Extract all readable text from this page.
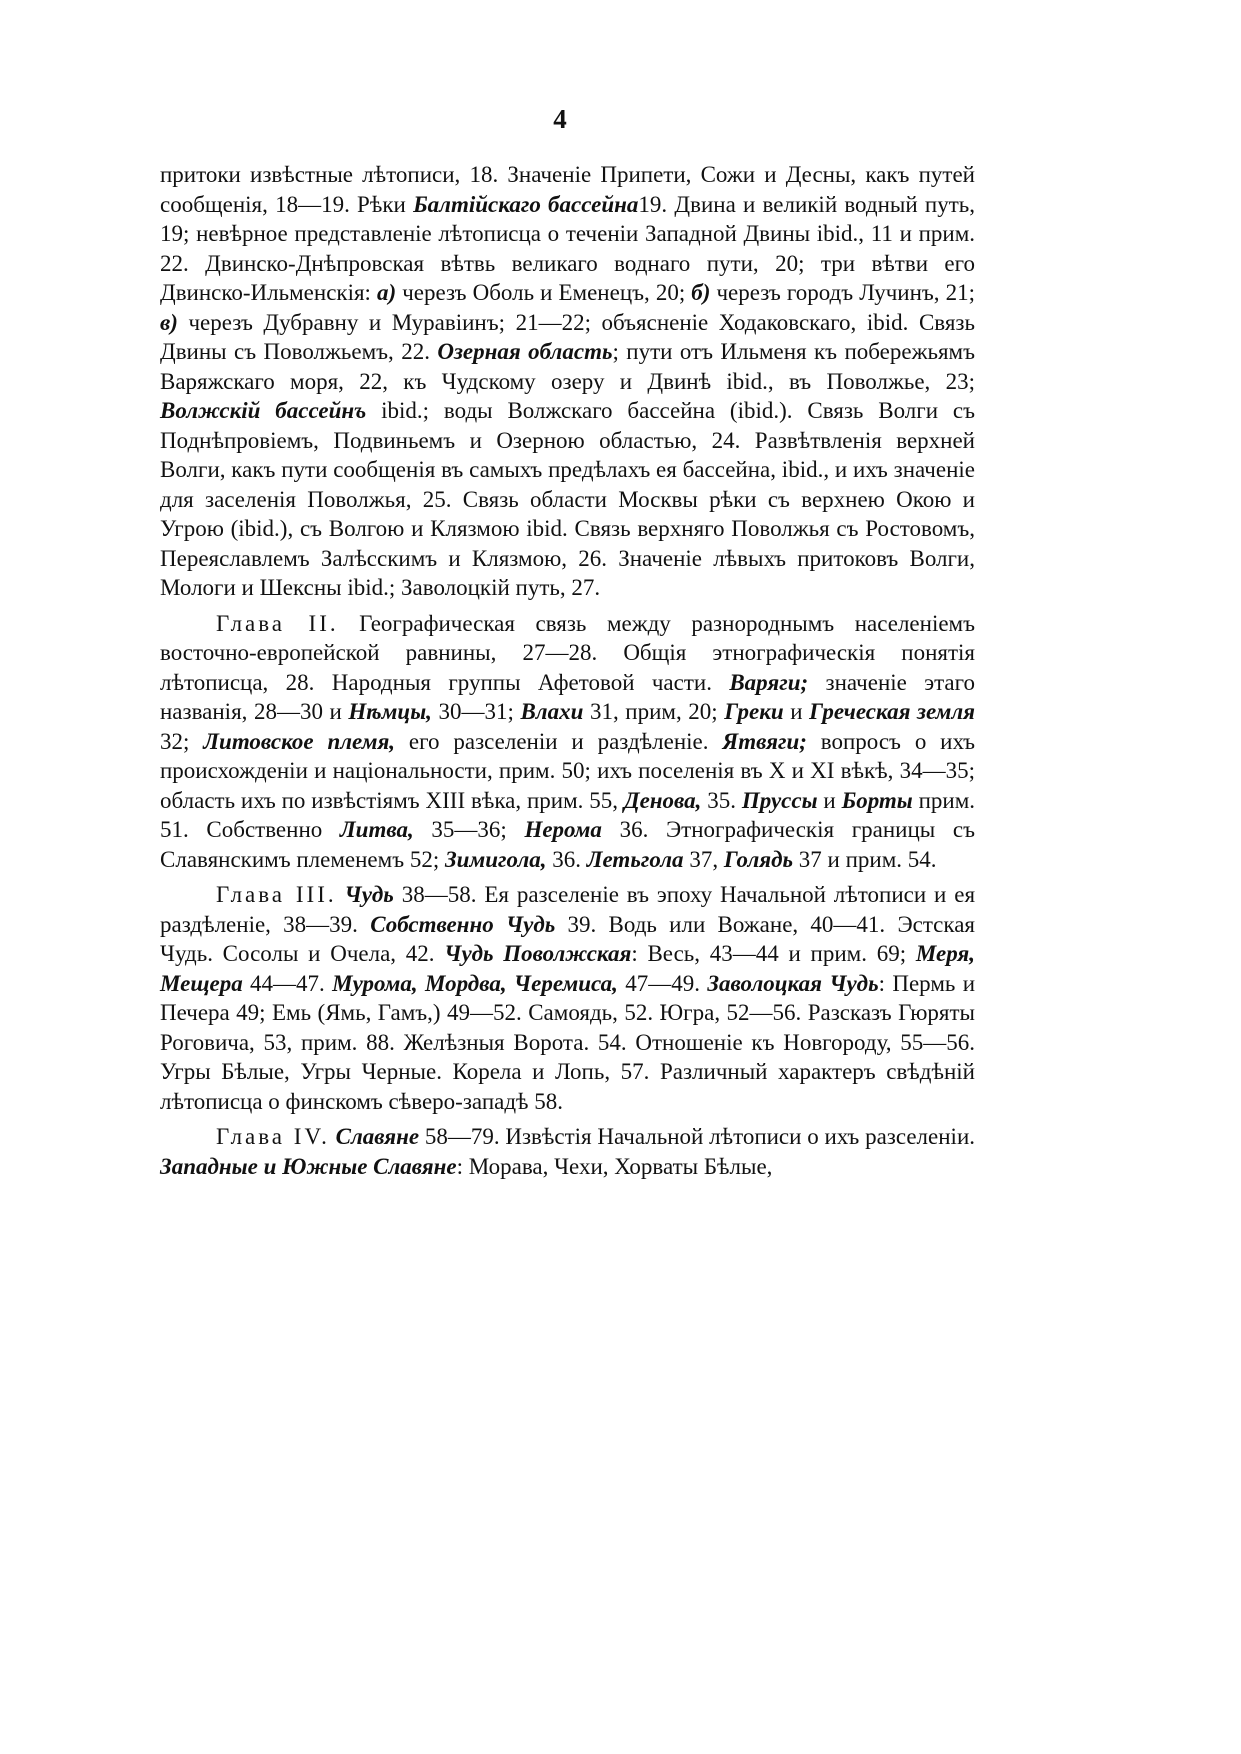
4

притоки извѣстные лѣтописи, 18. Значеніе Припети, Сожи и Десны, какъ путей сообщенія, 18—19. Рѣки Балтійскаго бассейна19. Двина и великій водный путь, 19; невѣрное представленіе лѣтописца о теченіи Западной Двины ibid., 11 и прим. 22. Двинско-Днѣпровская вѣтвь великаго воднаго пути, 20; три вѣтви его Двинско-Ильменскія: а) черезъ Оболь и Еменецъ, 20; б) черезъ городъ Лучинъ, 21; в) черезъ Дубравну и Муравіинъ; 21—22; объясненіе Ходаковскаго, ibid. Связь Двины съ Поволжьемъ, 22. Озерная область; пути отъ Ильменя къ побережьямъ Варяжскаго моря, 22, къ Чудскому озеру и Двинѣ ibid., въ Поволжье, 23; Волжскій бассейнъ ibid.; воды Волжскаго бассейна (ibid.). Связь Волги съ Поднѣпровіемъ, Подвиньемъ и Озерною областью, 24. Развѣтвленія верхней Волги, какъ пути сообщенія въ самыхъ предѣлахъ ея бассейна, ibid., и ихъ значеніе для заселенія Поволжья, 25. Связь области Москвы рѣки съ верхнею Окою и Угрою (ibid.), съ Волгою и Клязмою ibid. Связь верхняго Поволжья съ Ростовомъ, Переяславлемъ Залѣсскимъ и Клязмою, 26. Значеніе лѣвыхъ притоковъ Волги, Мологи и Шексны ibid.; Заволоцкій путь, 27.

Глава II. Географическая связь между разнороднымъ населеніемъ восточно-европейской равнины, 27—28. Общія этнографическія понятія лѣтописца, 28. Народныя группы Афетовой части. Варяги; значеніе этаго названія, 28—30 и Нѣмцы, 30—31; Влахи 31, прим, 20; Греки и Греческая земля 32; Литовское племя, его разселеніи и раздѣленіе. Ятвяги; вопросъ о ихъ происхожденіи и національности, прим. 50; ихъ поселенія въ X и XI вѣкѣ, 34—35; область ихъ по извѣстіямъ XIII вѣка, прим. 55, Денова, 35. Пруссы и Борты прим. 51. Собственно Литва, 35—36; Нерома 36. Этнографическія границы съ Славянскимъ племенемъ 52; Зимигола, 36. Летьгола 37, Голядь 37 и прим. 54.

Глава III. Чудь 38—58. Ея разселеніе въ эпоху Начальной лѣтописи и ея раздѣленіе, 38—39. Собственно Чудь 39. Водь или Вожане, 40—41. Эстская Чудь. Сосолы и Очела, 42. Чудь Поволжская: Весь, 43—44 и прим. 69; Меря, Мещера 44—47. Мурома, Мордва, Черемиса, 47—49. Заволоцкая Чудь: Пермь и Печера 49; Емь (Ямь, Гамъ,) 49—52. Самоядь, 52. Югра, 52—56. Разсказъ Гюряты Роговича, 53, прим. 88. Желѣзныя Ворота. 54. Отношеніе къ Новгороду, 55—56. Угры Бѣлые, Угры Черные. Корела и Лопь, 57. Различный характеръ свѣдѣній лѣтописца о финскомъ сѣверо-западѣ 58.

Глава IV. Славяне 58—79. Извѣстія Начальной лѣтописи о ихъ разселеніи. Западные и Южные Славяне: Морава, Чехи, Хорваты Бѣлые,
